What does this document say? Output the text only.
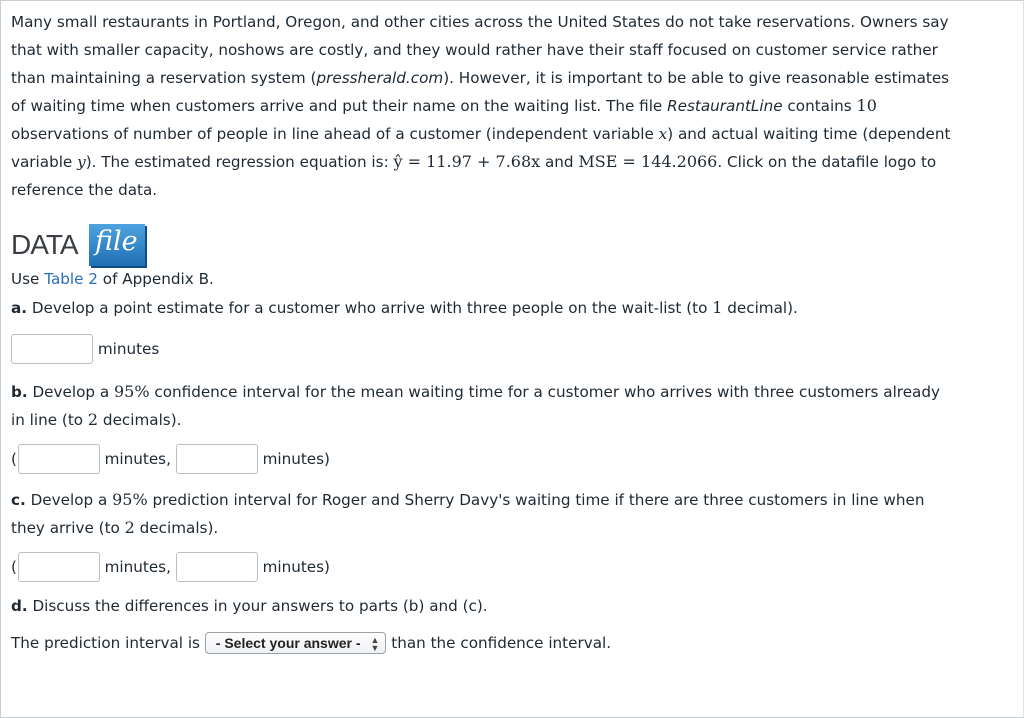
Many small restaurants in Portland, Oregon, and other cities across the United States do not take reservations. Owners say
that with smaller capacity, noshows are costly, and they would rather have their staff focused on customer service rather
than maintaining a reservation system (pressherald.com). However, it is important to be able to give reasonable estimates
of waiting time when customers arrive and put their name on the waiting list. The file RestaurantLine contains 10
observations of number of people in line ahead of a customer (independent variable x) and actual waiting time (dependent
variable y). The estimated regression equation is: ŷ = 11.97 + 7.68x and MSE = 144.2066. Click on the datafile logo to
reference the data.
DATA file
Use Table 2 of Appendix B.
a. Develop a point estimate for a customer who arrive with three people on the wait-list (to 1 decimal).
minutes
b. Develop a 95% confidence interval for the mean waiting time for a customer who arrives with three customers already
in line (to 2 decimals).
(	minutes,	minutes)
c. Develop a 95% prediction interval for Roger and Sherry Davy's waiting time if there are three customers in line when
they arrive (to 2 decimals).
(	minutes,	minutes)
d. Discuss the differences in your answers to parts (b) and (c).
The prediction interval is - Select your answer - ▲
▼ than the confidence interval.
